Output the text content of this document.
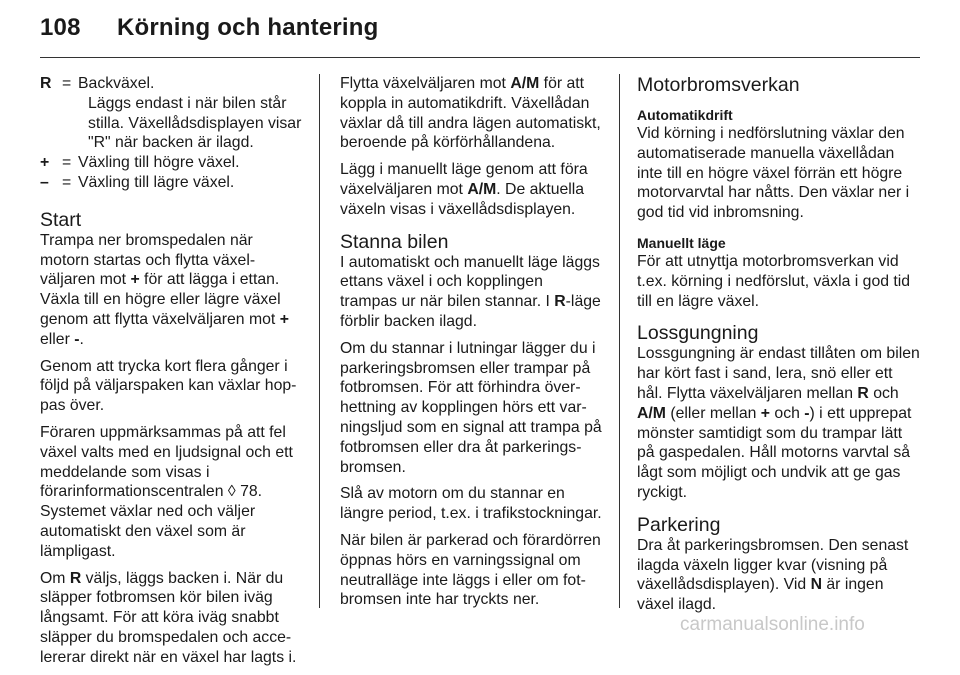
108 Körning och hantering
R	=	Backväxel.

Läggs endast i när bilen står stilla. Växellådsdisplayen visar "R" när backen är ilagd.		

+	=	Växling till högre växel.
–	=	Växling till lägre växel.
Start

Trampa ner bromspedalen när motorn startas och flytta växelväljaren mot + för att lägga i ettan. Växla till en högre eller lägre växel genom att flytta växelväljaren mot + eller -.

Genom att trycka kort flera gånger i följd på väljarspaken kan växlar hoppas över.

Föraren uppmärksammas på att fel växel valts med en ljudsignal och ett meddelande som visas i förarinformationscentralen ◊ 78. Systemet växlar ned och väljer automatiskt den växel som är lämpligast.

Om R väljs, läggs backen i. När du släpper fotbromsen kör bilen iväg långsamt. För att köra iväg snabbt släpper du bromspedalen och accelererar direkt när en växel har lagts i.

Flytta växelväljaren mot A/M för att koppla in automatikdrift. Växellådan växlar då till andra lägen automatiskt, beroende på körförhållandena.

Lägg i manuellt läge genom att föra växelväljaren mot A/M. De aktuella växeln visas i växellådsdisplayen.

Stanna bilen

I automatiskt och manuellt läge läggs ettans växel i och kopplingen trampas ur när bilen stannar. I R-läge förblir backen ilagd.

Om du stannar i lutningar lägger du i parkeringsbromsen eller trampar på fotbromsen. För att förhindra överhettning av kopplingen hörs ett varningsljud som en signal att trampa på fotbromsen eller dra åt parkeringsbromsen.

Slå av motorn om du stannar en längre period, t.ex. i trafikstockningar.

När bilen är parkerad och förardörren öppnas hörs en varningssignal om neutralläge inte läggs i eller om fotbromsen inte har tryckts ner.

Motorbromsverkan
Automatikdrift

Vid körning i nedförslutning växlar den automatiserade manuella växellådan inte till en högre växel förrän ett högre motorvarvtal har nåtts. Den växlar ner i god tid vid inbromsning.

Manuellt läge

För att utnyttja motorbromsverkan vid t.ex. körning i nedförslut, växla i god tid till en lägre växel.

Lossgungning

Lossgungning är endast tillåten om bilen har kört fast i sand, lera, snö eller ett hål. Flytta växelväljaren mellan R och A/M (eller mellan + och -) i ett upprepat mönster samtidigt som du trampar lätt på gaspedalen. Håll motorns varvtal så lågt som möjligt och undvik att ge gas ryckigt.

Parkering

Dra åt parkeringsbromsen. Den senast ilagda växeln ligger kvar (visning på växellådsdisplayen). Vid N är ingen växel ilagd.

carmanualsonline.info
